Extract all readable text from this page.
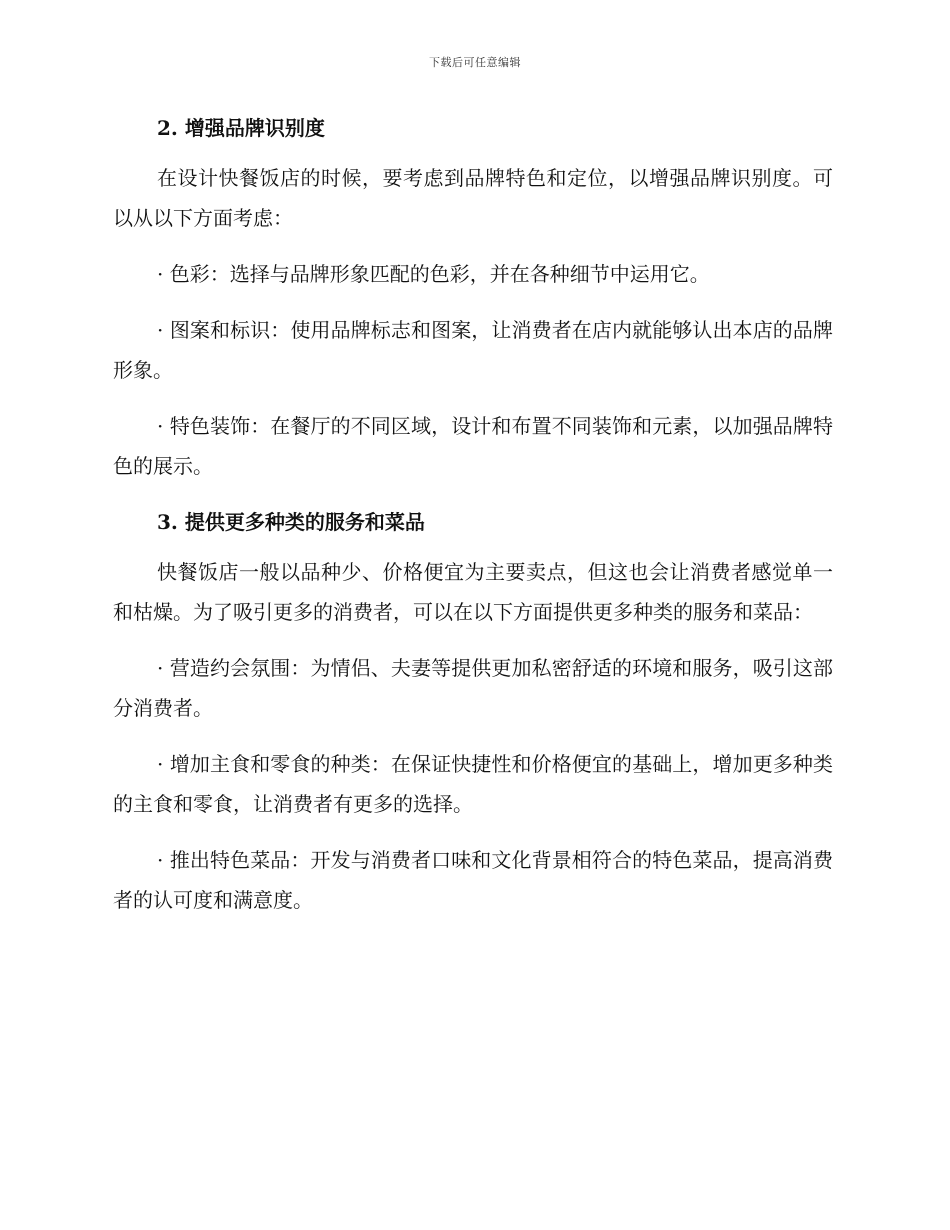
下载后可任意编辑
2. 增强品牌识别度

在设计快餐饭店的时候，要考虑到品牌特色和定位，以增强品牌识别度。可以从以下方面考虑：

· 色彩：选择与品牌形象匹配的色彩，并在各种细节中运用它。

· 图案和标识：使用品牌标志和图案，让消费者在店内就能够认出本店的品牌形象。

· 特色装饰：在餐厅的不同区域，设计和布置不同装饰和元素，以加强品牌特色的展示。

3. 提供更多种类的服务和菜品

快餐饭店一般以品种少、价格便宜为主要卖点，但这也会让消费者感觉单一和枯燥。为了吸引更多的消费者，可以在以下方面提供更多种类的服务和菜品：

· 营造约会氛围：为情侣、夫妻等提供更加私密舒适的环境和服务，吸引这部分消费者。

· 增加主食和零食的种类：在保证快捷性和价格便宜的基础上，增加更多种类的主食和零食，让消费者有更多的选择。

· 推出特色菜品：开发与消费者口味和文化背景相符合的特色菜品，提高消费者的认可度和满意度。
